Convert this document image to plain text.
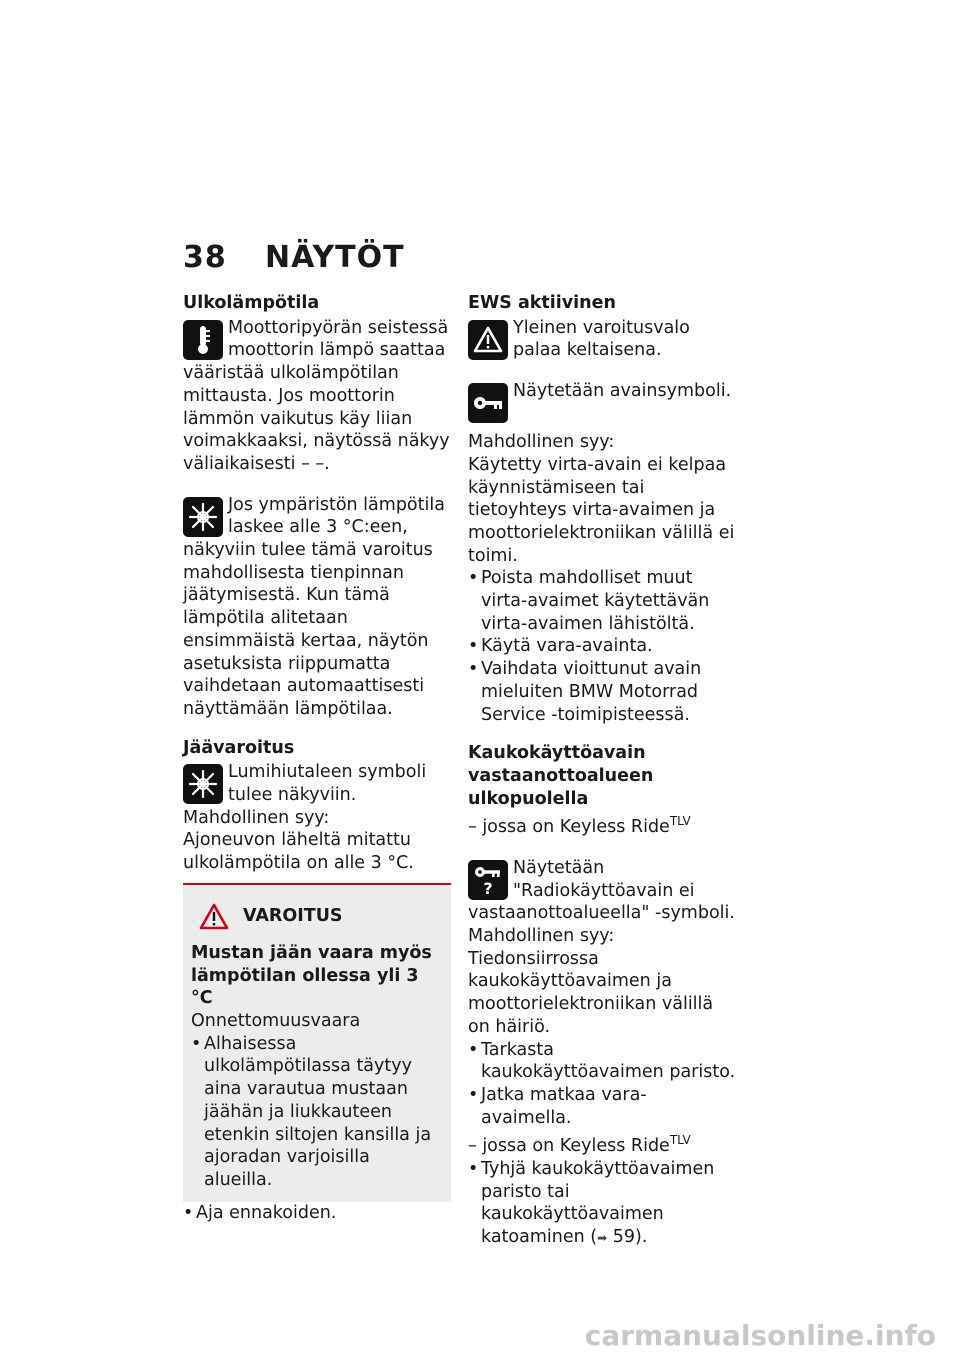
38 NÄYTÖT
Ulkolämpötila
Moottoripyörän seistessä moottorin lämpö saattaa vääristää ulkolämpötilan mittausta. Jos moottorin lämmön vaikutus käy liian voimakkaaksi, näytössä näkyy väliaikaisesti – –.
Jos ympäristön lämpötila laskee alle 3 °C:een, näkyviin tulee tämä varoitus mahdollisesta tienpinnan jäätymisestä. Kun tämä lämpötila alitetaan ensimmäistä kertaa, näytön asetuksista riippumatta vaihdetaan automaattisesti näyttämään lämpötilaa.
Jäävaroitus
Lumihiutaleen symboli tulee näkyviin.

Mahdollinen syy:

Ajoneuvon läheltä mitattu ulkolämpötila on alle 3 °C.

VAROITUS
Mustan jään vaara myös lämpötilan ollessa yli 3 °C

Onnettomuusvaara

• Alhaisessa ulkolämpötilassa täytyy aina varautua mustaan jäähän ja liukkauteen etenkin siltojen kansilla ja ajoradan varjoisilla alueilla.
• Aja ennakoiden.
EWS aktiivinen
Yleinen varoitusvalo palaa keltaisena.
Näytetään avainsymboli.

Mahdollinen syy:

Käytetty virta-avain ei kelpaa käynnistämiseen tai tietoyhteys virta-avaimen ja moottorielektroniikan välillä ei toimi.

• Poista mahdolliset muut virta-avaimet käytettävän virta-avaimen lähistöltä.
• Käytä vara-avainta.
• Vaihdata vioittunut avain mieluiten BMW Motorrad Service -toimipisteessä.
Kaukokäyttöavain vastaanottoalueen ulkopuolella
– jossa on Keyless Ride$^{TLV}$
?
Näytetään "Radiokäyttöavain ei vastaanottoalueella" -symboli.

Mahdollinen syy:

Tiedonsiirrossa kaukokäyttöavaimen ja moottorielektroniikan välillä on häiriö.

• Tarkasta kaukokäyttöavaimen paristo.
• Jatka matkaa vara-avaimella.
– jossa on Keyless Ride$^{TLV}$
• Tyhjä kaukokäyttöavaimen paristo tai kaukokäyttöavaimen katoaminen (➡ 59).
carmanualsonline.info
